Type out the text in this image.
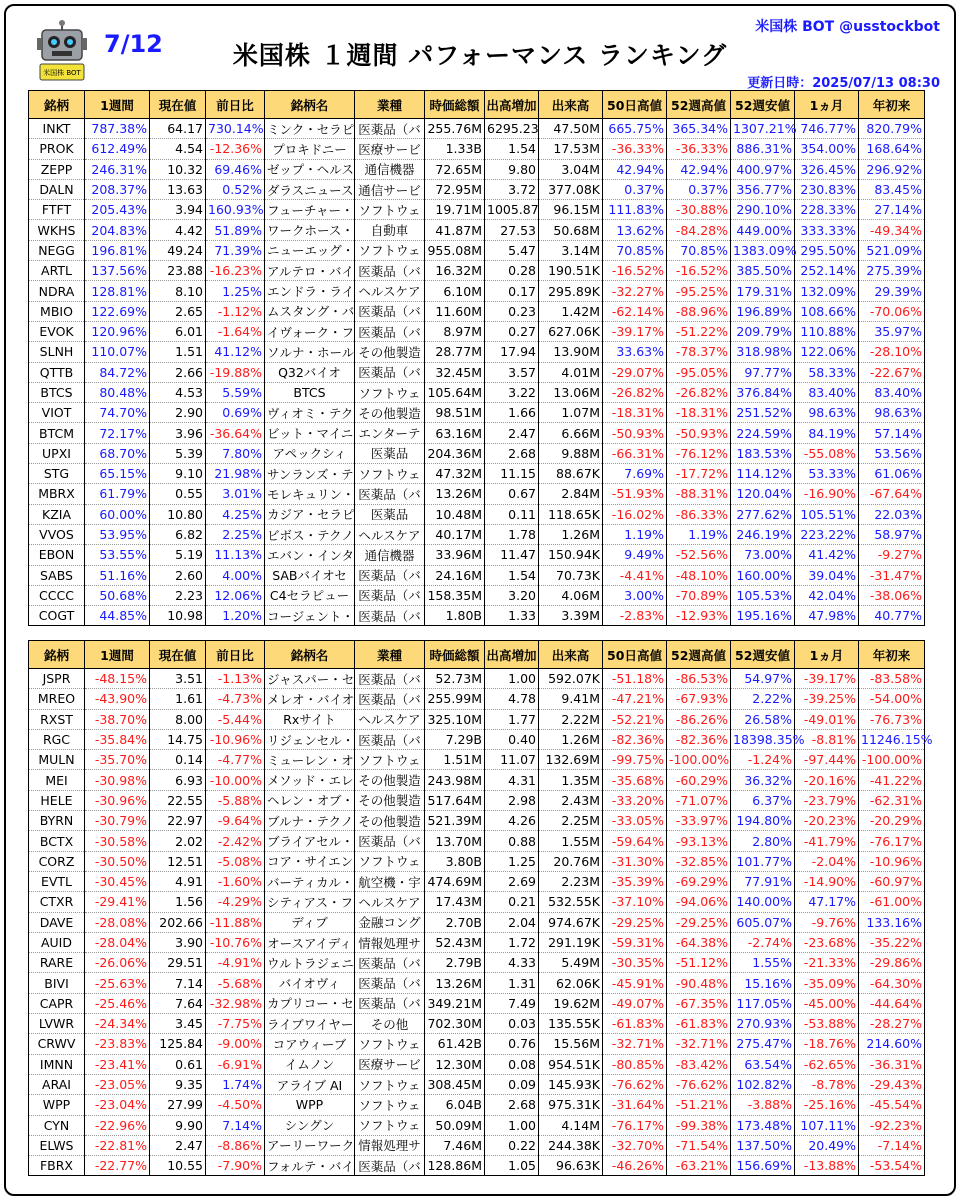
米国株 BOT
7/12	米国株 １週間 パフォーマンス ランキング
米国株 BOT @usstockbot
更新日時：2025/07/13 08:30
銘柄	1週間	現在値	前日比	銘柄名	業種	時価総額	出高増加	出来高	50日高値	52週高値	52週安値	1ヵ月	年初来
INKT	787.38%	64.17	730.14%	ミンク・セラピ	医薬品（バ	255.76M	6295.23	47.50M	665.75%	365.34%	1307.21%	746.77%	820.79%
PROK	612.49%	4.54	-12.36%	プロキドニー	医療サービ	1.33B	1.54	17.53M	-36.33%	-36.33%	886.31%	354.00%	168.64%
ZEPP	246.31%	10.32	69.46%	ゼップ・ヘルス	通信機器	72.65M	9.80	3.04M	42.94%	42.94%	400.97%	326.45%	296.92%
DALN	208.37%	13.63	0.52%	ダラスニュース	通信サービ	72.95M	3.72	377.08K	0.37%	0.37%	356.77%	230.83%	83.45%
FTFT	205.43%	3.94	160.93%	フューチャー・	ソフトウェ	19.71M	1005.87	96.15M	111.83%	-30.88%	290.10%	228.33%	27.14%
WKHS	204.83%	4.42	51.89%	ワークホース・	自動車	41.87M	27.53	50.68M	13.62%	-84.28%	449.00%	333.33%	-49.34%
NEGG	196.81%	49.24	71.39%	ニューエッグ・	ソフトウェ	955.08M	5.47	3.14M	70.85%	70.85%	1383.09%	295.50%	521.09%
ARTL	137.56%	23.88	-16.23%	アルテロ・バイ	医薬品（バ	16.32M	0.28	190.51K	-16.52%	-16.52%	385.50%	252.14%	275.39%
NDRA	128.81%	8.10	1.25%	エンドラ・ライ	ヘルスケア	6.10M	0.17	295.89K	-32.27%	-95.25%	179.31%	132.09%	29.39%
MBIO	122.69%	2.65	-1.12%	ムスタング・バ	医薬品（バ	11.60M	0.23	1.42M	-62.14%	-88.96%	196.89%	108.66%	-70.06%
EVOK	120.96%	6.01	-1.64%	イヴォーク・フ	医薬品（バ	8.97M	0.27	627.06K	-39.17%	-51.22%	209.79%	110.88%	35.97%
SLNH	110.07%	1.51	41.12%	ソルナ・ホール	その他製造	28.77M	17.94	13.90M	33.63%	-78.37%	318.98%	122.06%	-28.10%
QTTB	84.72%	2.66	-19.88%	Q32バイオ	医薬品（バ	32.45M	3.57	4.01M	-29.07%	-95.05%	97.77%	58.33%	-22.67%
BTCS	80.48%	4.53	5.59%	BTCS	ソフトウェ	105.64M	3.22	13.06M	-26.82%	-26.82%	376.84%	83.40%	83.40%
VIOT	74.70%	2.90	0.69%	ヴィオミ・テク	その他製造	98.51M	1.66	1.07M	-18.31%	-18.31%	251.52%	98.63%	98.63%
BTCM	72.17%	3.96	-36.64%	ビット・マイニ	エンターテ	63.16M	2.47	6.66M	-50.93%	-50.93%	224.59%	84.19%	57.14%
UPXI	68.70%	5.39	7.80%	アペックシィ	医薬品	204.36M	2.68	9.88M	-66.31%	-76.12%	183.53%	-55.08%	53.56%
STG	65.15%	9.10	21.98%	サンランズ・テ	ソフトウェ	47.32M	11.15	88.67K	7.69%	-17.72%	114.12%	53.33%	61.06%
MBRX	61.79%	0.55	3.01%	モレキュリン・	医薬品（バ	13.26M	0.67	2.84M	-51.93%	-88.31%	120.04%	-16.90%	-67.64%
KZIA	60.00%	10.80	4.25%	カジア・セラピ	医薬品	10.48M	0.11	118.65K	-16.02%	-86.33%	277.62%	105.51%	22.03%
VVOS	53.95%	6.82	2.25%	ビボス・テクノ	ヘルスケア	40.17M	1.78	1.26M	1.19%	1.19%	246.19%	223.22%	58.97%
EBON	53.55%	5.19	11.13%	エバン・インタ	通信機器	33.96M	11.47	150.94K	9.49%	-52.56%	73.00%	41.42%	-9.27%
SABS	51.16%	2.60	4.00%	SABバイオセ	医薬品（バ	24.16M	1.54	70.73K	-4.41%	-48.10%	160.00%	39.04%	-31.47%
CCCC	50.68%	2.23	12.06%	C4セラピュー	医薬品（バ	158.35M	3.20	4.06M	3.00%	-70.89%	105.53%	42.04%	-38.06%
COGT	44.85%	10.98	1.20%	コージェント・	医薬品（バ	1.80B	1.33	3.39M	-2.83%	-12.93%	195.16%	47.98%	40.77%
銘柄	1週間	現在値	前日比	銘柄名	業種	時価総額	出高増加	出来高	50日高値	52週高値	52週安値	1ヵ月	年初来
JSPR	-48.15%	3.51	-1.13%	ジャスパー・セ	医薬品（バ	52.73M	1.00	592.07K	-51.18%	-86.53%	54.97%	-39.17%	-83.58%
MREO	-43.90%	1.61	-4.73%	メレオ・バイオ	医薬品（バ	255.99M	4.78	9.41M	-47.21%	-67.93%	2.22%	-39.25%	-54.00%
RXST	-38.70%	8.00	-5.44%	Rxサイト	ヘルスケア	325.10M	1.77	2.22M	-52.21%	-86.26%	26.58%	-49.01%	-76.73%
RGC	-35.84%	14.75	-10.96%	リジェンセル・	医薬品（バ	7.29B	0.40	1.26M	-82.36%	-82.36%	18398.35%	-8.81%	11246.15%
MULN	-35.70%	0.14	-4.77%	ミューレン・オ	ソフトウェ	1.51M	11.07	132.69M	-99.75%	-100.00%	-1.24%	-97.44%	-100.00%
MEI	-30.98%	6.93	-10.00%	メソッド・エレ	その他製造	243.98M	4.31	1.35M	-35.68%	-60.29%	36.32%	-20.16%	-41.22%
HELE	-30.96%	22.55	-5.88%	ヘレン・オブ・	その他製造	517.64M	2.98	2.43M	-33.20%	-71.07%	6.37%	-23.79%	-62.31%
BYRN	-30.79%	22.97	-9.64%	ブルナ・テクノ	その他製造	521.39M	4.26	2.25M	-33.05%	-33.97%	194.80%	-20.23%	-20.29%
BCTX	-30.58%	2.02	-2.42%	ブライアセル・	医薬品（バ	13.70M	0.88	1.55M	-59.64%	-93.13%	2.80%	-41.79%	-76.17%
CORZ	-30.50%	12.51	-5.08%	コア・サイエン	ソフトウェ	3.80B	1.25	20.76M	-31.30%	-32.85%	101.77%	-2.04%	-10.96%
EVTL	-30.45%	4.91	-1.60%	バーティカル・	航空機・宇	474.69M	2.69	2.23M	-35.39%	-69.29%	77.91%	-14.90%	-60.97%
CTXR	-29.41%	1.56	-4.29%	シティアス・フ	ヘルスケア	17.43M	0.21	532.55K	-37.10%	-94.06%	140.00%	47.17%	-61.00%
DAVE	-28.08%	202.66	-11.88%	ディブ	金融コング	2.70B	2.04	974.67K	-29.25%	-29.25%	605.07%	-9.76%	133.16%
AUID	-28.04%	3.90	-10.76%	オースアイディ	情報処理サ	52.43M	1.72	291.19K	-59.31%	-64.38%	-2.74%	-23.68%	-35.22%
RARE	-26.06%	29.51	-4.91%	ウルトラジェニ	医薬品（バ	2.79B	4.33	5.49M	-30.35%	-51.12%	1.55%	-21.33%	-29.86%
BIVI	-25.63%	7.14	-5.68%	バイオヴィ	医薬品（バ	13.26M	1.31	62.06K	-45.91%	-90.48%	15.16%	-35.09%	-64.30%
CAPR	-25.46%	7.64	-32.98%	カプリコー・セ	医薬品（バ	349.21M	7.49	19.62M	-49.07%	-67.35%	117.05%	-45.00%	-44.64%
LVWR	-24.34%	3.45	-7.75%	ライブワイヤー	その他	702.30M	0.03	135.55K	-61.83%	-61.83%	270.93%	-53.88%	-28.27%
CRWV	-23.83%	125.84	-9.00%	コアウィーブ	ソフトウェ	61.42B	0.76	15.56M	-32.71%	-32.71%	275.47%	-18.76%	214.60%
IMNN	-23.41%	0.61	-6.91%	イムノン	医療サービ	12.30M	0.08	954.51K	-80.85%	-83.42%	63.54%	-62.65%	-36.31%
ARAI	-23.05%	9.35	1.74%	アライブ AI	ソフトウェ	308.45M	0.09	145.93K	-76.62%	-76.62%	102.82%	-8.78%	-29.43%
WPP	-23.04%	27.99	-4.50%	WPP	ソフトウェ	6.04B	2.68	975.31K	-31.64%	-51.21%	-3.88%	-25.16%	-45.54%
CYN	-22.96%	9.90	7.14%	シングン	ソフトウェ	50.09M	1.00	4.14M	-76.17%	-99.38%	173.48%	107.11%	-92.23%
ELWS	-22.81%	2.47	-8.86%	アーリーワーク	情報処理サ	7.46M	0.22	244.38K	-32.70%	-71.54%	137.50%	20.49%	-7.14%
FBRX	-22.77%	10.55	-7.90%	フォルテ・バイ	医薬品（バ	128.86M	1.05	96.63K	-46.26%	-63.21%	156.69%	-13.88%	-53.54%
